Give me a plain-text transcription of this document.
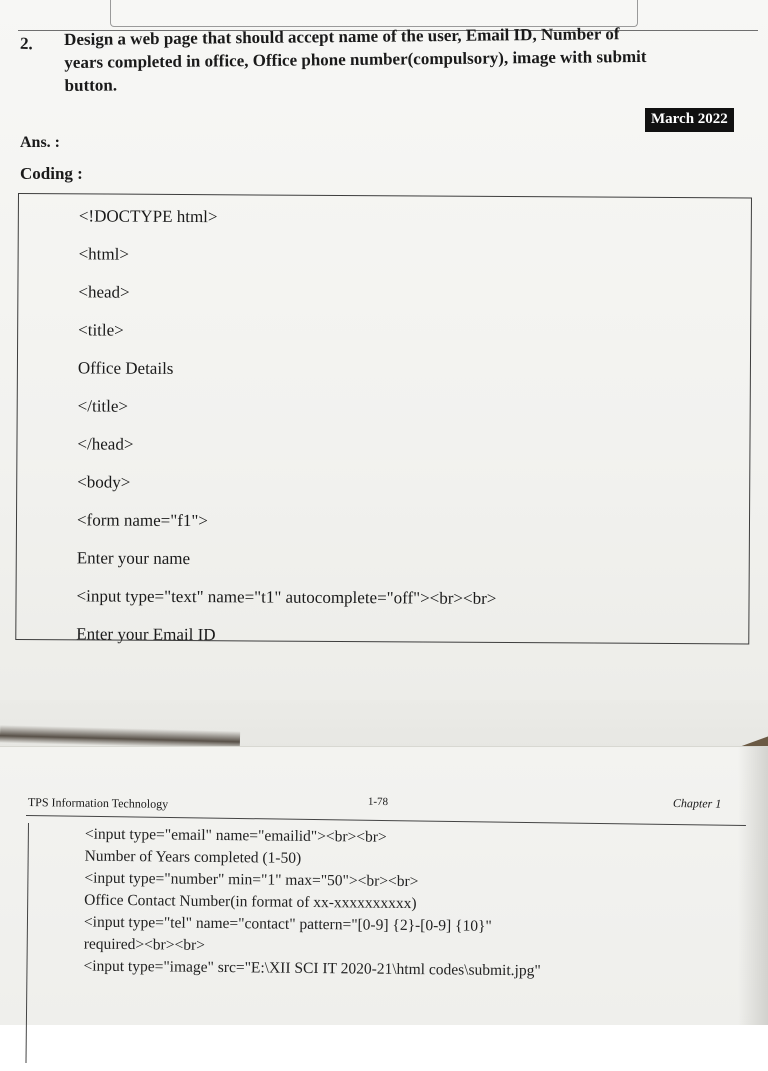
2. Design a web page that should accept name of the user, Email ID, Number of
years completed in office, Office phone number(compulsory), image with submit
button.
March 2022
Ans. :
Coding :
<!DOCTYPE html>
<html>
<head>
<title>
Office Details
</title>
</head>
<body>
<form name="f1">
Enter your name
<input type="text" name="t1" autocomplete="off"><br><br>
Enter your Email ID
TPS Information Technology	1-78	Chapter 1
<input type="email" name="emailid"><br><br>
Number of Years completed (1-50)
<input type="number" min="1" max="50"><br><br>
Office Contact Number(in format of xx-xxxxxxxxxx)
<input type="tel" name="contact" pattern="[0-9] {2}-[0-9] {10}"
required><br><br>
<input type="image" src="E:\XII SCI IT 2020-21\html codes\submit.jpg"
